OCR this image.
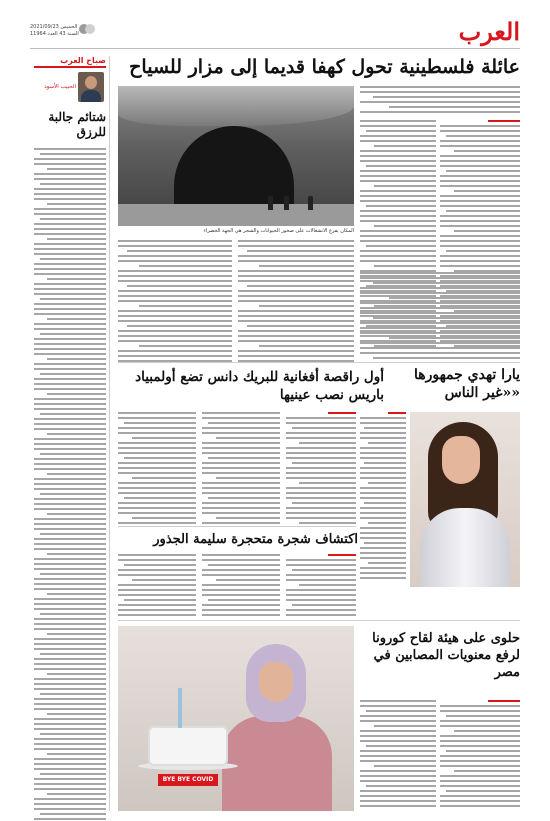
العرب
الخميس 2021/09/23
السنة 43 العدد 11964
صباح العرب
الحبيب الأسود
شتائم جالبة للرزق
عائلة فلسطينية تحول كهفا قديما إلى مزار للسياح
المكان يفرغ الانشغالات على صخور الحيوانات والشجر هي الجهة الخضراء
يارا تهدي جمهورها «غير الناس»
أول راقصة أفغانية للبريك دانس تضع أولمبياد باريس نصب عينيها
اكتشاف شجرة متحجرة سليمة الجذور
حلوى على هيئة لقاح كورونا لرفع معنويات المصابين في مصر
BYE BYE COVID
